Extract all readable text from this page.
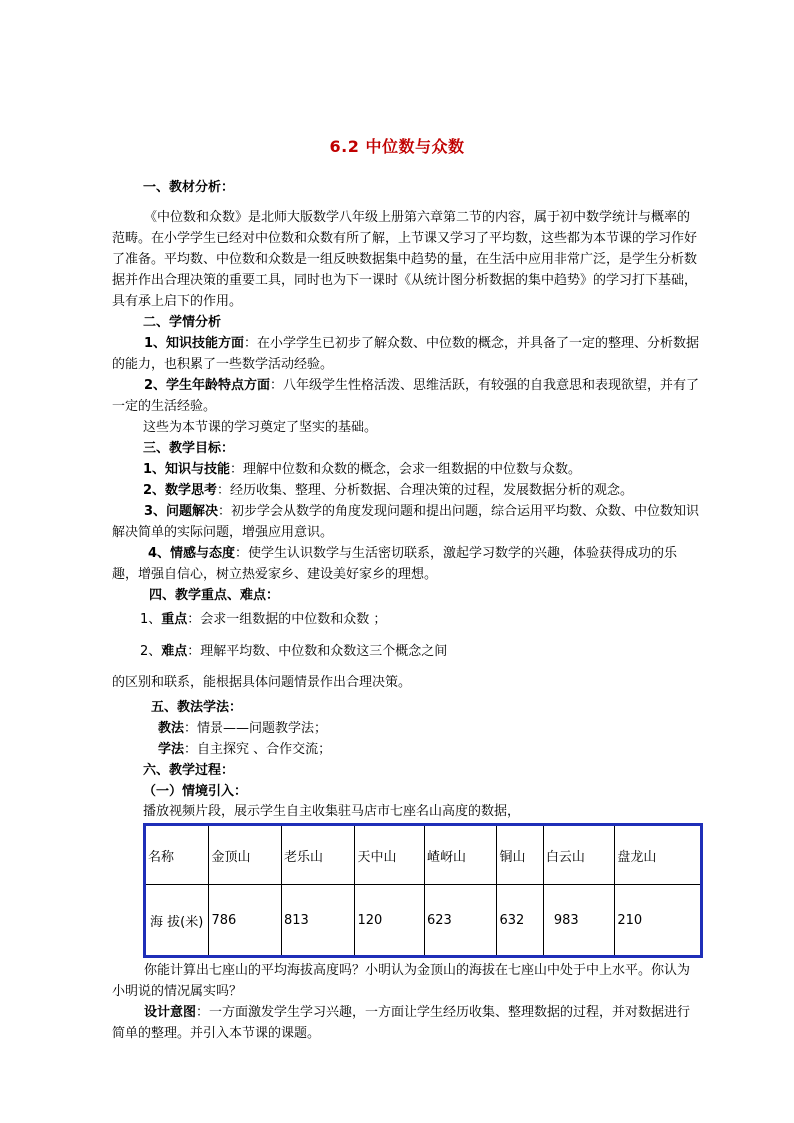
6.2 中位数与众数
一、教材分析：
《中位数和众数》是北师大版数学八年级上册第六章第二节的内容，属于初中数学统计与概率的范畴。在小学学生已经对中位数和众数有所了解，上节课又学习了平均数，这些都为本节课的学习作好了准备。平均数、中位数和众数是一组反映数据集中趋势的量，在生活中应用非常广泛，是学生分析数据并作出合理决策的重要工具，同时也为下一课时《从统计图分析数据的集中趋势》的学习打下基础，具有承上启下的作用。
二、学情分析
1、知识技能方面：在小学学生已初步了解众数、中位数的概念，并具备了一定的整理、分析数据的能力，也积累了一些数学活动经验。
2、学生年龄特点方面：八年级学生性格活泼、思维活跃，有较强的自我意思和表现欲望，并有了一定的生活经验。
这些为本节课的学习奠定了坚实的基础。
三、教学目标：
1、知识与技能：理解中位数和众数的概念，会求一组数据的中位数与众数。
2、数学思考：经历收集、整理、分析数据、合理决策的过程，发展数据分析的观念。
3、问题解决：初步学会从数学的角度发现问题和提出问题，综合运用平均数、众数、中位数知识解决简单的实际问题，增强应用意识。
4、情感与态度：使学生认识数学与生活密切联系，激起学习数学的兴趣，体验获得成功的乐趣，增强自信心，树立热爱家乡、建设美好家乡的理想。
四、教学重点、难点：
1、重点：会求一组数据的中位数和众数 ；
2、难点：理解平均数、中位数和众数这三个概念之间
的区别和联系，能根据具体问题情景作出合理决策。
五、教法学法：
教法：情景——问题教学法；
学法：自主探究 、合作交流；
六、教学过程：
（一）情境引入：
播放视频片段，展示学生自主收集驻马店市七座名山高度的数据，
名称	金顶山	老乐山	天中山	嵖岈山	铜山	白云山	盘龙山
海 拔(米)	786	813	120	623	632	983	210
你能计算出七座山的平均海拔高度吗？小明认为金顶山的海拔在七座山中处于中上水平。你认为小明说的情况属实吗？
设计意图：一方面激发学生学习兴趣，一方面让学生经历收集、整理数据的过程，并对数据进行简单的整理。并引入本节课的课题。
